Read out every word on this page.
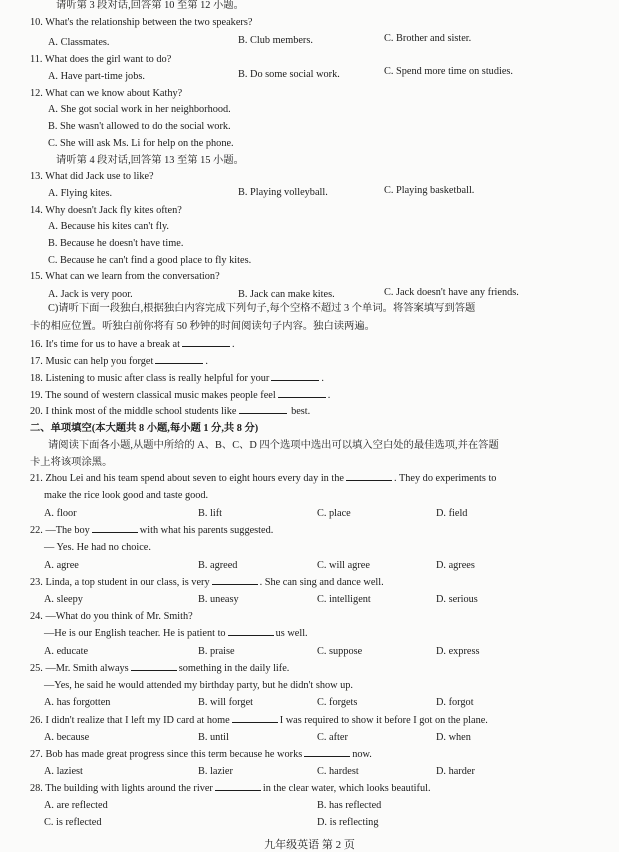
请听第 3 段对话,回答第 10 至第 12 小题。
10. What's the relationship between the two speakers?
A. Classmates.	B. Club members.	C. Brother and sister.
11. What does the girl want to do?
A. Have part-time jobs.	B. Do some social work.	C. Spend more time on studies.
12. What can we know about Kathy?
A. She got social work in her neighborhood.
B. She wasn't allowed to do the social work.
C. She will ask Ms. Li for help on the phone.
请听第 4 段对话,回答第 13 至第 15 小题。
13. What did Jack use to like?
A. Flying kites.	B. Playing volleyball.	C. Playing basketball.
14. Why doesn't Jack fly kites often?
A. Because his kites can't fly.
B. Because he doesn't have time.
C. Because he can't find a good place to fly kites.
15. What can we learn from the conversation?
A. Jack is very poor.	B. Jack can make kites.	C. Jack doesn't have any friends.
C)请听下面一段独白,根据独白内容完成下列句子,每个空格不超过 3 个单词。将答案填写到答题
卡的相应位置。听独白前你将有 50 秒钟的时间阅读句子内容。独白读两遍。
16. It's time for us to have a break at	.
17. Music can help you forget	.
18. Listening to music after class is really helpful for your	.
19. The sound of western classical music makes people feel	.
20. I think most of the middle school students like	best.
二、单项填空(本大题共 8 小题,每小题 1 分,共 8 分)
请阅读下面各小题,从题中所给的 A、B、C、D 四个选项中选出可以填入空白处的最佳选项,并在答题
卡上将该项涂黑。
21. Zhou Lei and his team spend about seven to eight hours every day in the	. They do experiments to
make the rice look good and taste good.
A. floor	B. lift	C. place	D. field
22. —The boy	with what his parents suggested.
— Yes. He had no choice.
A. agree	B. agreed	C. will agree	D. agrees
23. Linda, a top student in our class, is very	. She can sing and dance well.
A. sleepy	B. uneasy	C. intelligent	D. serious
24. —What do you think of Mr. Smith?
—He is our English teacher. He is patient to	us well.
A. educate	B. praise	C. suppose	D. express
25. —Mr. Smith always	something in the daily life.
—Yes, he said he would attended my birthday party, but he didn't show up.
A. has forgotten	B. will forget	C. forgets	D. forgot
26. I didn't realize that I left my ID card at home	I was required to show it before I got on the plane.
A. because	B. until	C. after	D. when
27. Bob has made great progress since this term because he works	now.
A. laziest	B. lazier	C. hardest	D. harder
28. The building with lights around the river	in the clear water, which looks beautiful.
A. are reflected	B. has reflected
C. is reflected	D. is reflecting
九年级英语 第 2 页
